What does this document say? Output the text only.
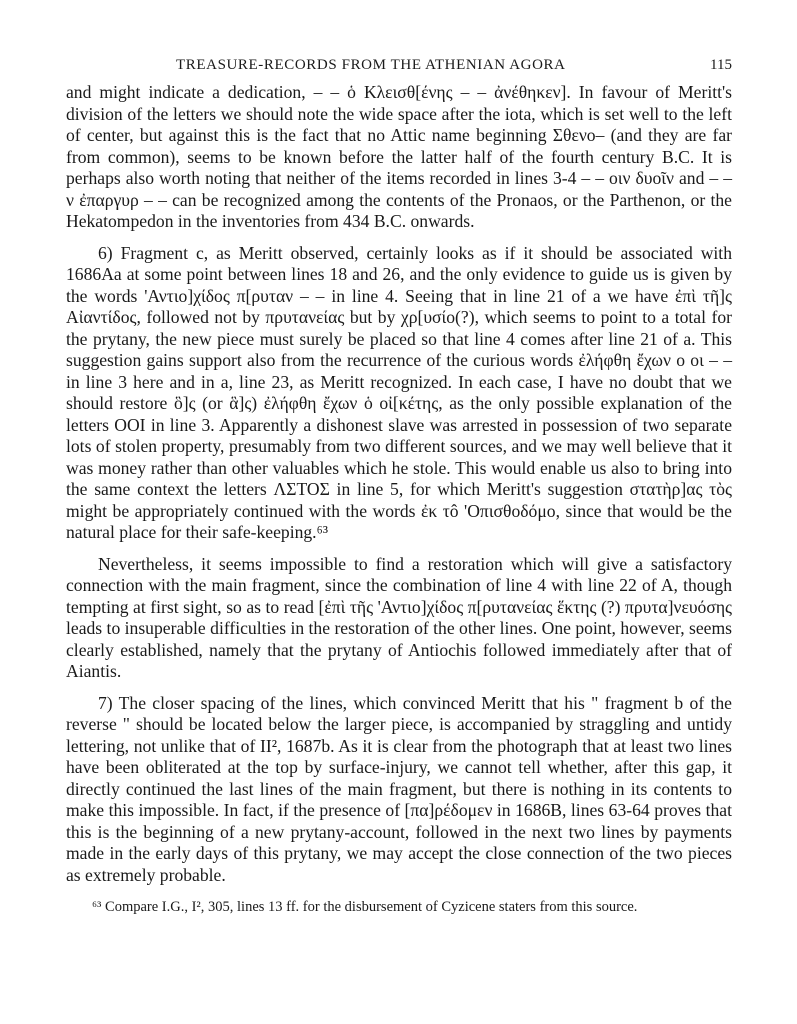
TREASURE-RECORDS FROM THE ATHENIAN AGORA	115

and might indicate a dedication, – – ὁ Κλεισθ[ένης – – ἀνέθηκεν]. In favour of Meritt's division of the letters we should note the wide space after the iota, which is set well to the left of center, but against this is the fact that no Attic name beginning Σθενο– (and they are far from common), seems to be known before the latter half of the fourth century B.C. It is perhaps also worth noting that neither of the items recorded in lines 3-4 – – οιν δυοῖν and – – ν ἐπαργυρ – – can be recognized among the contents of the Pronaos, or the Parthenon, or the Hekatompedon in the inventories from 434 B.C. onwards.

6) Fragment c, as Meritt observed, certainly looks as if it should be associated with 1686Aa at some point between lines 18 and 26, and the only evidence to guide us is given by the words 'Αντιο]χίδος π[ρυταν – – in line 4. Seeing that in line 21 of a we have ἐπὶ τῆ]ς Αἰαντίδος, followed not by πρυτανείας but by χρ[υσίο(?), which seems to point to a total for the prytany, the new piece must surely be placed so that line 4 comes after line 21 of a. This suggestion gains support also from the recurrence of the curious words ἐλήφθη ἔχων ο οι – – in line 3 here and in a, line 23, as Meritt recognized. In each case, I have no doubt that we should restore ὃ]ς (or ἃ]ς) ἐλήφθη ἔχων ὁ οἰ[κέτης, as the only possible explanation of the letters ΟΟΙ in line 3. Apparently a dishonest slave was arrested in possession of two separate lots of stolen property, presumably from two different sources, and we may well believe that it was money rather than other valuables which he stole. This would enable us also to bring into the same context the letters ΛΣΤΟΣ in line 5, for which Meritt's suggestion στατὴρ]ας τὸς might be appropriately continued with the words ἐκ τô 'Οπισθοδόμο, since that would be the natural place for their safe-keeping.⁶³

Nevertheless, it seems impossible to find a restoration which will give a satisfactory connection with the main fragment, since the combination of line 4 with line 22 of A, though tempting at first sight, so as to read [ἐπὶ τῆς 'Αντιο]χίδος π[ρυτανείας ἕκτης (?) πρυτα]νευόσης leads to insuperable difficulties in the restoration of the other lines. One point, however, seems clearly established, namely that the prytany of Antiochis followed immediately after that of Aiantis.

7) The closer spacing of the lines, which convinced Meritt that his " fragment b of the reverse " should be located below the larger piece, is accompanied by straggling and untidy lettering, not unlike that of II², 1687b. As it is clear from the photograph that at least two lines have been obliterated at the top by surface-injury, we cannot tell whether, after this gap, it directly continued the last lines of the main fragment, but there is nothing in its contents to make this impossible. In fact, if the presence of [πα]ρέδομεν in 1686B, lines 63-64 proves that this is the beginning of a new prytany-account, followed in the next two lines by payments made in the early days of this prytany, we may accept the close connection of the two pieces as extremely probable.

⁶³ Compare I.G., I², 305, lines 13 ff. for the disbursement of Cyzicene staters from this source.
